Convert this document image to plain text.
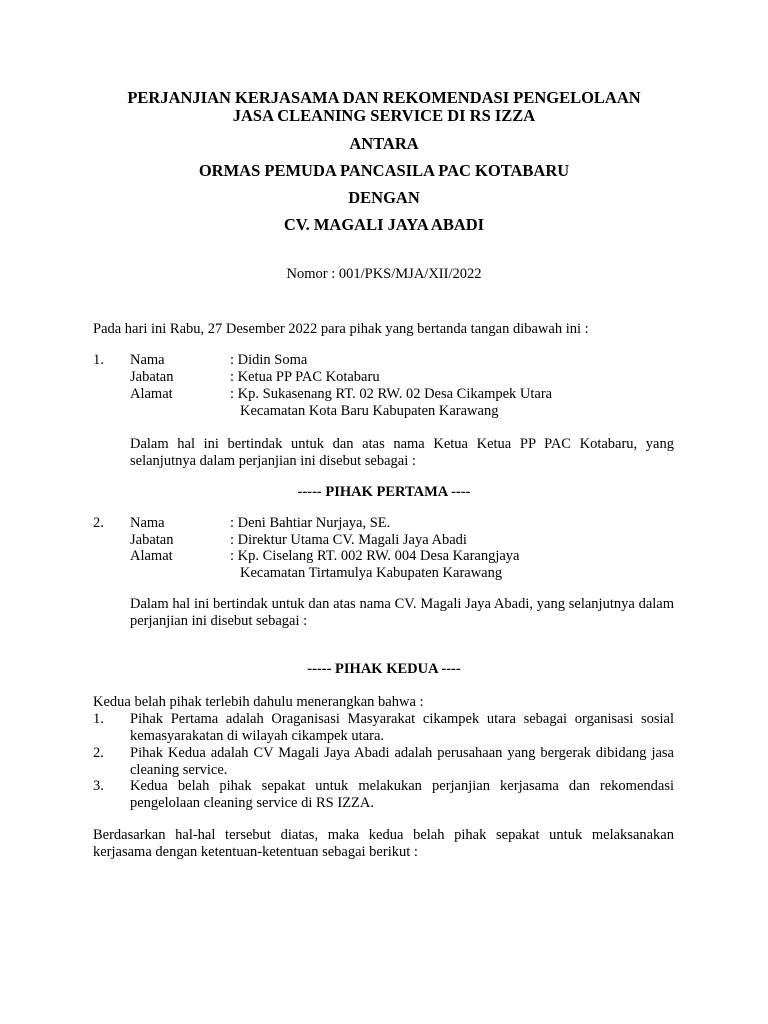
PERJANJIAN KERJASAMA DAN REKOMENDASI PENGELOLAAN

JASA CLEANING SERVICE DI RS IZZA

ANTARA

ORMAS PEMUDA PANCASILA PAC KOTABARU

DENGAN

CV. MAGALI JAYA ABADI

Nomor : 001/PKS/MJA/XII/2022

Pada hari ini Rabu, 27 Desember 2022 para pihak yang bertanda tangan dibawah ini :

1. Nama	: Didin Soma

Jabatan	: Ketua PP PAC Kotabaru

Alamat	: Kp. Sukasenang RT. 02 RW. 02 Desa Cikampek Utara

Kecamatan Kota Baru Kabupaten Karawang

Dalam hal ini bertindak untuk dan atas nama Ketua Ketua PP PAC Kotabaru, yang selanjutnya dalam perjanjian ini disebut sebagai :

----- PIHAK PERTAMA ----

2. Nama	: Deni Bahtiar Nurjaya, SE.

Jabatan	: Direktur Utama CV. Magali Jaya Abadi

Alamat	: Kp. Ciselang RT. 002 RW. 004 Desa Karangjaya

Kecamatan Tirtamulya Kabupaten Karawang

Dalam hal ini bertindak untuk dan atas nama CV. Magali Jaya Abadi, yang selanjutnya dalam perjanjian ini disebut sebagai :

----- PIHAK KEDUA ----

Kedua belah pihak terlebih dahulu menerangkan bahwa :

1. Pihak Pertama adalah Oraganisasi Masyarakat cikampek utara sebagai organisasi sosial kemasyarakatan di wilayah cikampek utara.

2. Pihak Kedua adalah CV Magali Jaya Abadi adalah perusahaan yang bergerak dibidang jasa cleaning service.

3. Kedua belah pihak sepakat untuk melakukan perjanjian kerjasama dan rekomendasi pengelolaan cleaning service di RS IZZA.

Berdasarkan hal-hal tersebut diatas, maka kedua belah pihak sepakat untuk melaksanakan kerjasama dengan ketentuan-ketentuan sebagai berikut :
